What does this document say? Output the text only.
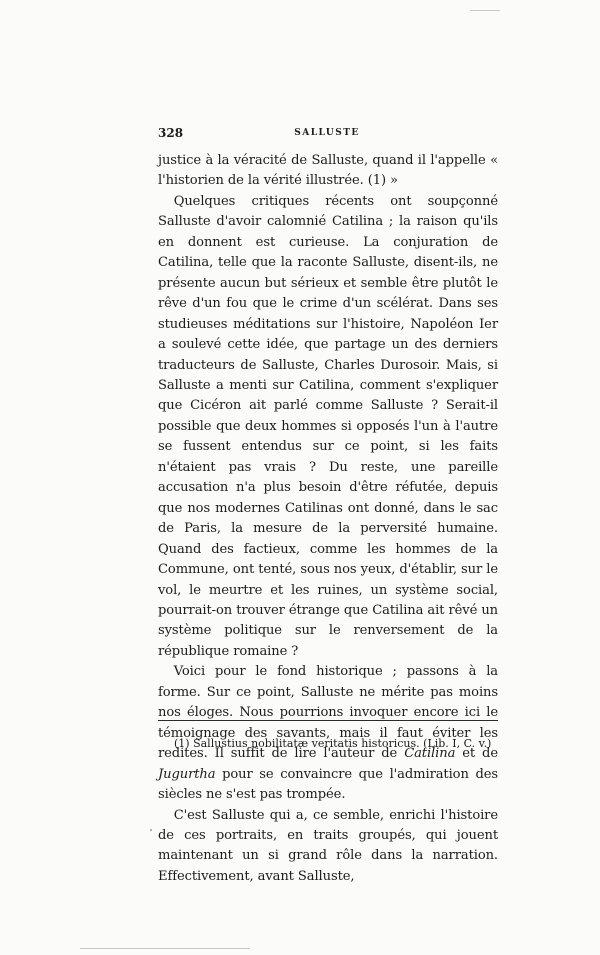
328	SALLUSTE

justice à la véracité de Salluste, quand il l'appelle « l'historien de la vérité illustrée. (1) »

Quelques critiques récents ont soupçonné Salluste d'avoir calomnié Catilina ; la raison qu'ils en donnent est curieuse. La conjuration de Catilina, telle que la raconte Salluste, disent-ils, ne présente aucun but sérieux et semble être plutôt le rêve d'un fou que le crime d'un scélérat. Dans ses studieuses méditations sur l'histoire, Napoléon Ier a soulevé cette idée, que partage un des derniers traducteurs de Salluste, Charles Durosoir. Mais, si Salluste a menti sur Catilina, comment s'expliquer que Cicéron ait parlé comme Salluste ? Serait-il possible que deux hommes si opposés l'un à l'autre se fussent entendus sur ce point, si les faits n'étaient pas vrais ? Du reste, une pareille accusation n'a plus besoin d'être réfutée, depuis que nos modernes Catilinas ont donné, dans le sac de Paris, la mesure de la perversité humaine. Quand des factieux, comme les hommes de la Commune, ont tenté, sous nos yeux, d'établir, sur le vol, le meurtre et les ruines, un système social, pourrait-on trouver étrange que Catilina ait rêvé un système politique sur le renversement de la république romaine ?

Voici pour le fond historique ; passons à la forme. Sur ce point, Salluste ne mérite pas moins nos éloges. Nous pourrions invoquer encore ici le témoignage des savants, mais il faut éviter les redites. Il suffit de lire l'auteur de Catilina et de Jugurtha pour se convaincre que l'admiration des siècles ne s'est pas trompée.

C'est Salluste qui a, ce semble, enrichi l'histoire de ces portraits, en traits groupés, qui jouent maintenant un si grand rôle dans la narration. Effectivement, avant Salluste,

(1) Sallustius nobilitatæ veritatis historicus. (Lib. I, C. v.)
